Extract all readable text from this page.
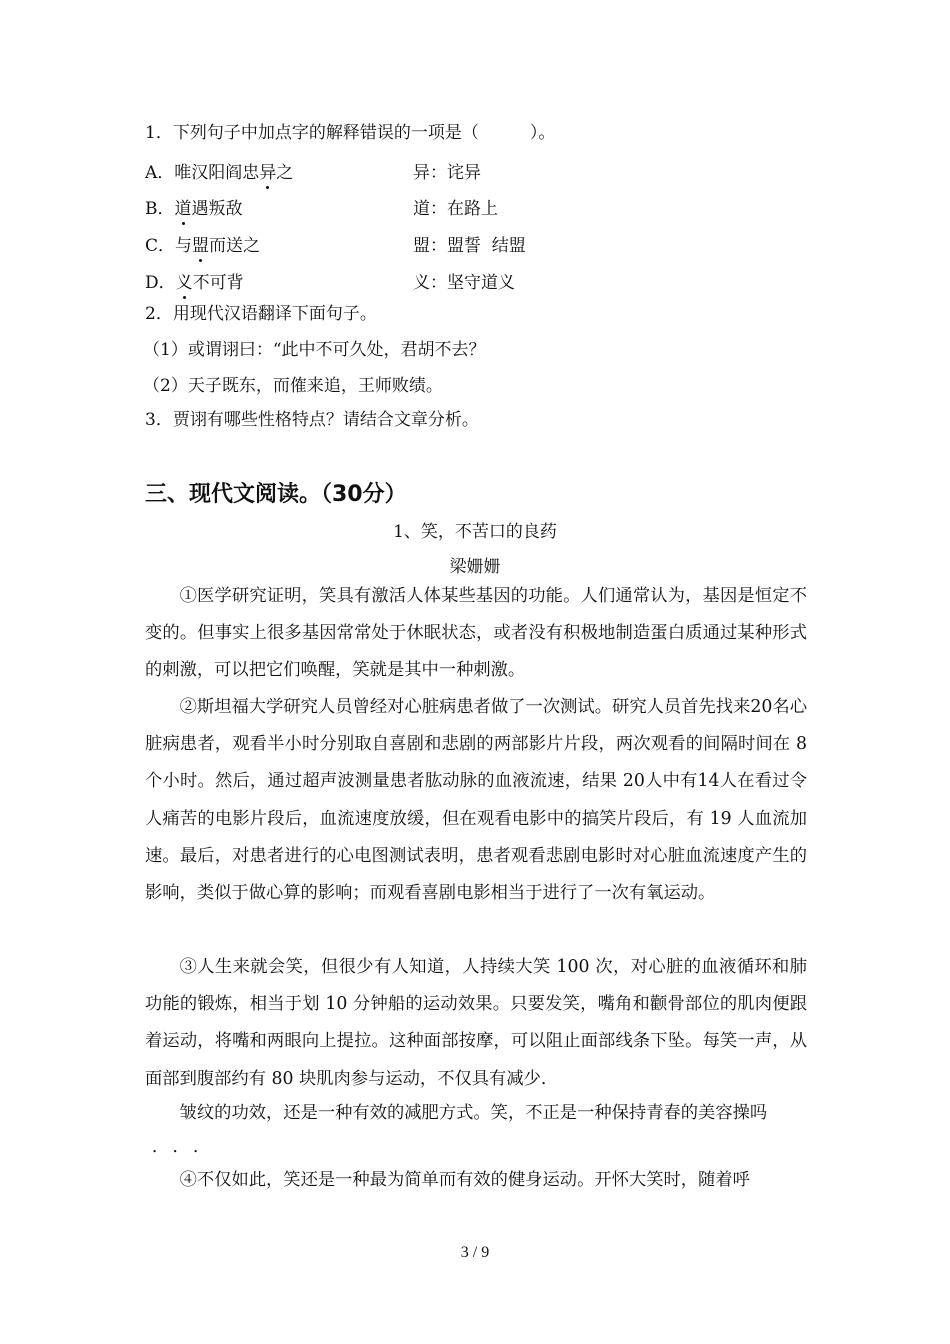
1．下列句子中加点字的解释错误的一项是（　　　）。
A．唯汉阳阎忠异之	异：诧异
B．道遇叛敌	道：在路上
C．与盟而送之	盟：盟誓  结盟
D．义不可背	义：坚守道义
2．用现代汉语翻译下面句子。
（1）或谓诩曰：“此中不可久处，君胡不去？
（2）天子既东，而傕来追，王师败绩。
3．贾诩有哪些性格特点？请结合文章分析。
三、现代文阅读。（30分）
1、笑，不苦口的良药
梁姗姗
①医学研究证明，笑具有激活人体某些基因的功能。人们通常认为，基因是恒定不变的。但事实上很多基因常常处于休眠状态，或者没有积极地制造蛋白质通过某种形式的刺激，可以把它们唤醒，笑就是其中一种刺激。
②斯坦福大学研究人员曾经对心脏病患者做了一次测试。研究人员首先找来20名心脏病患者，观看半小时分别取自喜剧和悲剧的两部影片片段，两次观看的间隔时间在 8 个小时。然后，通过超声波测量患者肱动脉的血液流速，结果 20人中有14人在看过令人痛苦的电影片段后，血流速度放缓，但在观看电影中的搞笑片段后，有 19 人血流加速。最后，对患者进行的心电图测试表明，患者观看悲剧电影时对心脏血流速度产生的影响，类似于做心算的影响；而观看喜剧电影相当于进行了一次有氧运动。
③人生来就会笑，但很少有人知道，人持续大笑 100 次，对心脏的血液循环和肺功能的锻炼，相当于划 10 分钟船的运动效果。只要发笑，嘴角和颧骨部位的肌肉便跟着运动，将嘴和两眼向上提拉。这种面部按摩，可以阻止面部线条下坠。每笑一声，从面部到腹部约有 80 块肌肉参与运动，不仅具有减少.
皱纹的功效，还是一种有效的减肥方式。笑，不正是一种保持青春的美容操吗
．．．
④不仅如此，笑还是一种最为简单而有效的健身运动。开怀大笑时，随着呼
3 / 9
